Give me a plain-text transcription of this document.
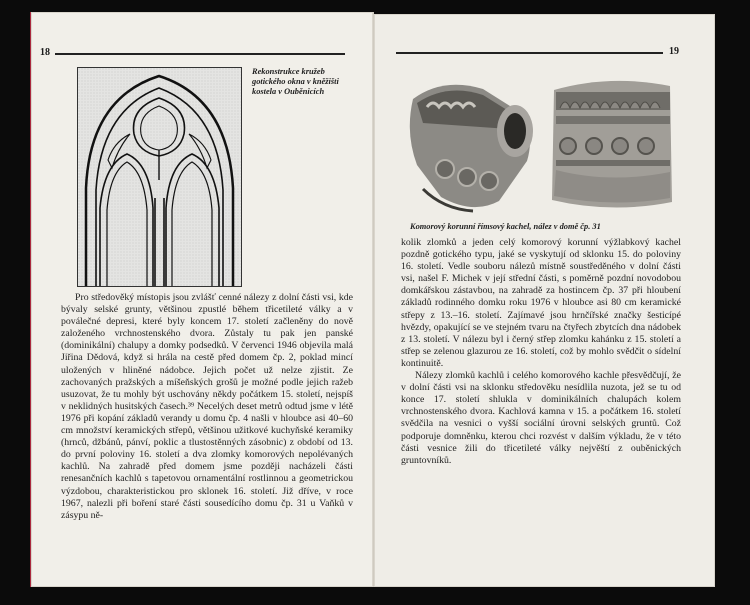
18
Rekonstrukce kružeb gotického okna v kněžišti kostela v Ouběnicích

Pro středověký místopis jsou zvlášť cenné nálezy z dolní části vsi, kde bývaly selské grunty, většinou zpustlé během třicetileté války a v poválečné depresi, které byly koncem 17. století začleněny do nově založeného vrchnostenského dvora. Zůstaly tu pak jen panské (dominikální) chalupy a domky podsedků. V červenci 1946 objevila malá Jiřina Dědová, když si hrála na cestě před domem čp. 2, poklad mincí uložených v hliněné nádobce. Jejich počet už nelze zjistit. Ze zachovaných pražských a míšeňských grošů je možné podle jejich ražeb usuzovat, že tu mohly být uschovány někdy počátkem 15. století, nejspíš v neklidných husitských časech.³⁹ Necelých deset metrů odtud jsme v létě 1976 při kopání základů verandy u domu čp. 4 našli v hloubce asi 40–60 cm množství keramických střepů, většinou užitkové kuchyňské keramiky (hrnců, džbánů, pánví, poklic a tlustostěnných zásobnic) z období od 13. do první poloviny 16. století a dva zlomky komorových nepolévaných kachlů. Na zahradě před domem jsme později nacházeli části renesančních kachlů s tapetovou ornamentální rostlinnou a geometrickou výzdobou, charakteristickou pro sklonek 16. století. Již dříve, v roce 1967, nalezli při boření staré části sousedícího domu čp. 31 u Vaňků v zásypu ně-

19
Komorový korunní římsový kachel, nález v domě čp. 31

kolik zlomků a jeden celý komorový korunní výžlabkový kachel pozdně gotického typu, jaké se vyskytují od sklonku 15. do poloviny 16. století. Vedle souboru nálezů místně soustředěného v dolní části vsi, našel F. Michek v její střední části, s poměrně pozdní novodobou domkářskou zástavbou, na zahradě za hostincem čp. 37 při hloubení základů rodinného domku roku 1976 v hloubce asi 80 cm keramické střepy z 13.–16. století. Zajímavé jsou hrnčířské značky šesticípé hvězdy, opakující se ve stejném tvaru na čtyřech zbytcích dna nádobek z 13. století. V nálezu byl i černý střep zlomku kahánku z 15. století a střep se zelenou glazurou ze 16. století, což by mohlo svědčit o sídelní kontinuitě.

Nálezy zlomků kachlů i celého komorového kachle přesvědčují, že v dolní části vsi na sklonku středověku nesídlila nuzota, jež se tu od konce 17. století shlukla v dominikálních chalupách kolem vrchnostenského dvora. Kachlová kamna v 15. a počátkem 16. století svědčila na vesnici o vyšší sociální úrovni selských gruntů. Což podporuje domněnku, kterou chci rozvést v dalším výkladu, že v této části vesnice žili do třicetileté války nejvěští z ouběnických gruntovníků.
